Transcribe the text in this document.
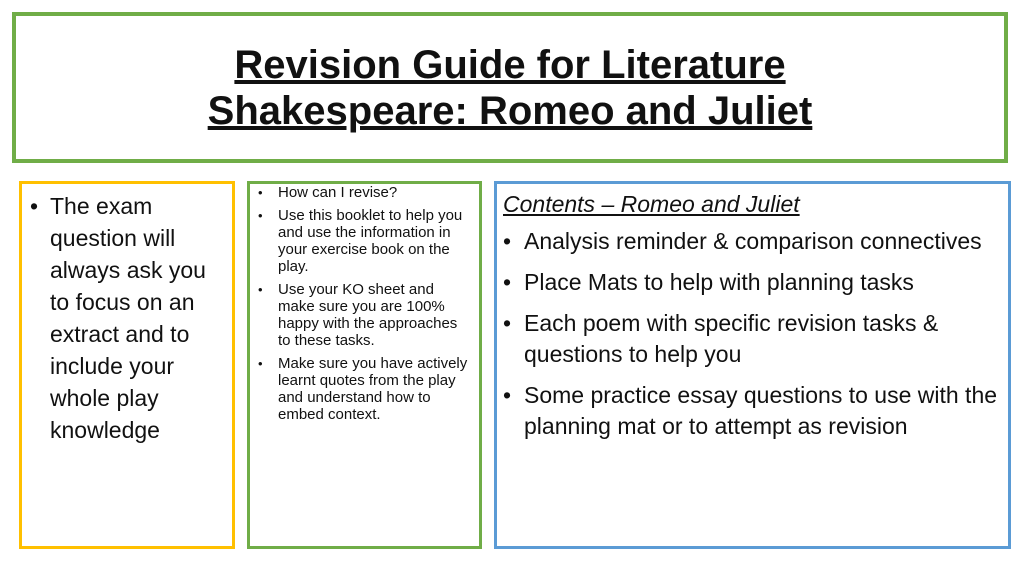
Revision Guide for Literature
Shakespeare: Romeo and Juliet
• The exam question will always ask you to focus on an extract and to include your whole play knowledge
• How can I revise?
• Use this booklet to help you and use the information in your exercise book on the play.
• Use your KO sheet and make sure you are 100% happy with the approaches to these tasks.
• Make sure you have actively learnt quotes from the play and understand how to embed context.
Contents – Romeo and Juliet
• Analysis reminder & comparison connectives
• Place Mats to help with planning tasks
• Each poem with specific revision tasks & questions to help you
• Some practice essay questions to use with the planning mat or to attempt as revision
